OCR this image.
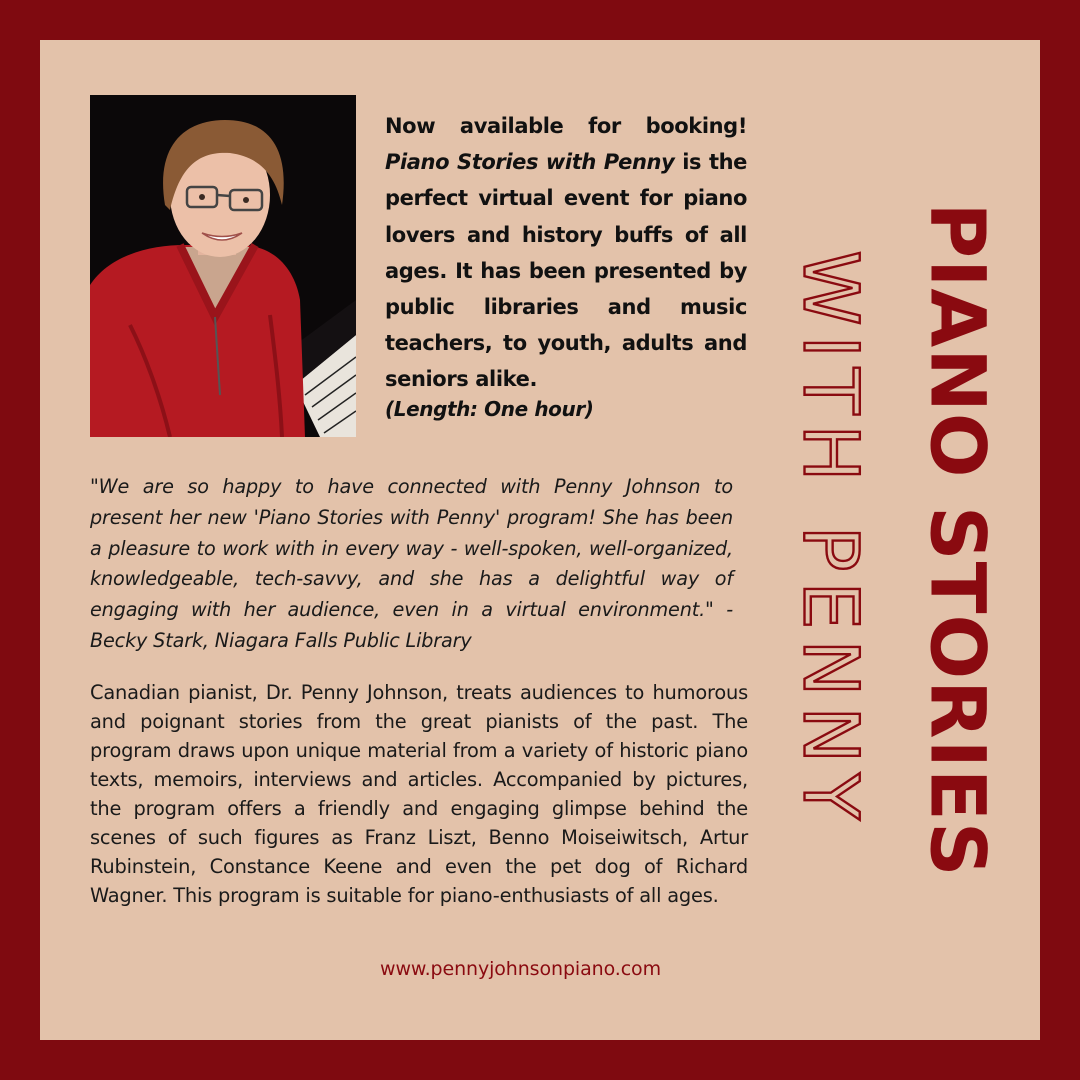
Now available for booking! Piano Stories with Penny is the perfect virtual event for piano lovers and history buffs of all ages. It has been presented by public libraries and music teachers, to youth, adults and seniors alike.
(Length: One hour)
"We are so happy to have connected with Penny Johnson to present her new 'Piano Stories with Penny' program! She has been a pleasure to work with in every way - well-spoken, well-organized, knowledgeable, tech-savvy, and she has a delightful way of engaging with her audience, even in a virtual environment." - Becky Stark, Niagara Falls Public Library
Canadian pianist, Dr. Penny Johnson, treats audiences to humorous and poignant stories from the great pianists of the past. The program draws upon unique material from a variety of historic piano texts, memoirs, interviews and articles. Accompanied by pictures, the program offers a friendly and engaging glimpse behind the scenes of such figures as Franz Liszt, Benno Moiseiwitsch, Artur Rubinstein, Constance Keene and even the pet dog of Richard Wagner. This program is suitable for piano-enthusiasts of all ages.
www.pennyjohnsonpiano.com
WITH PENNY PIANO STORIES
